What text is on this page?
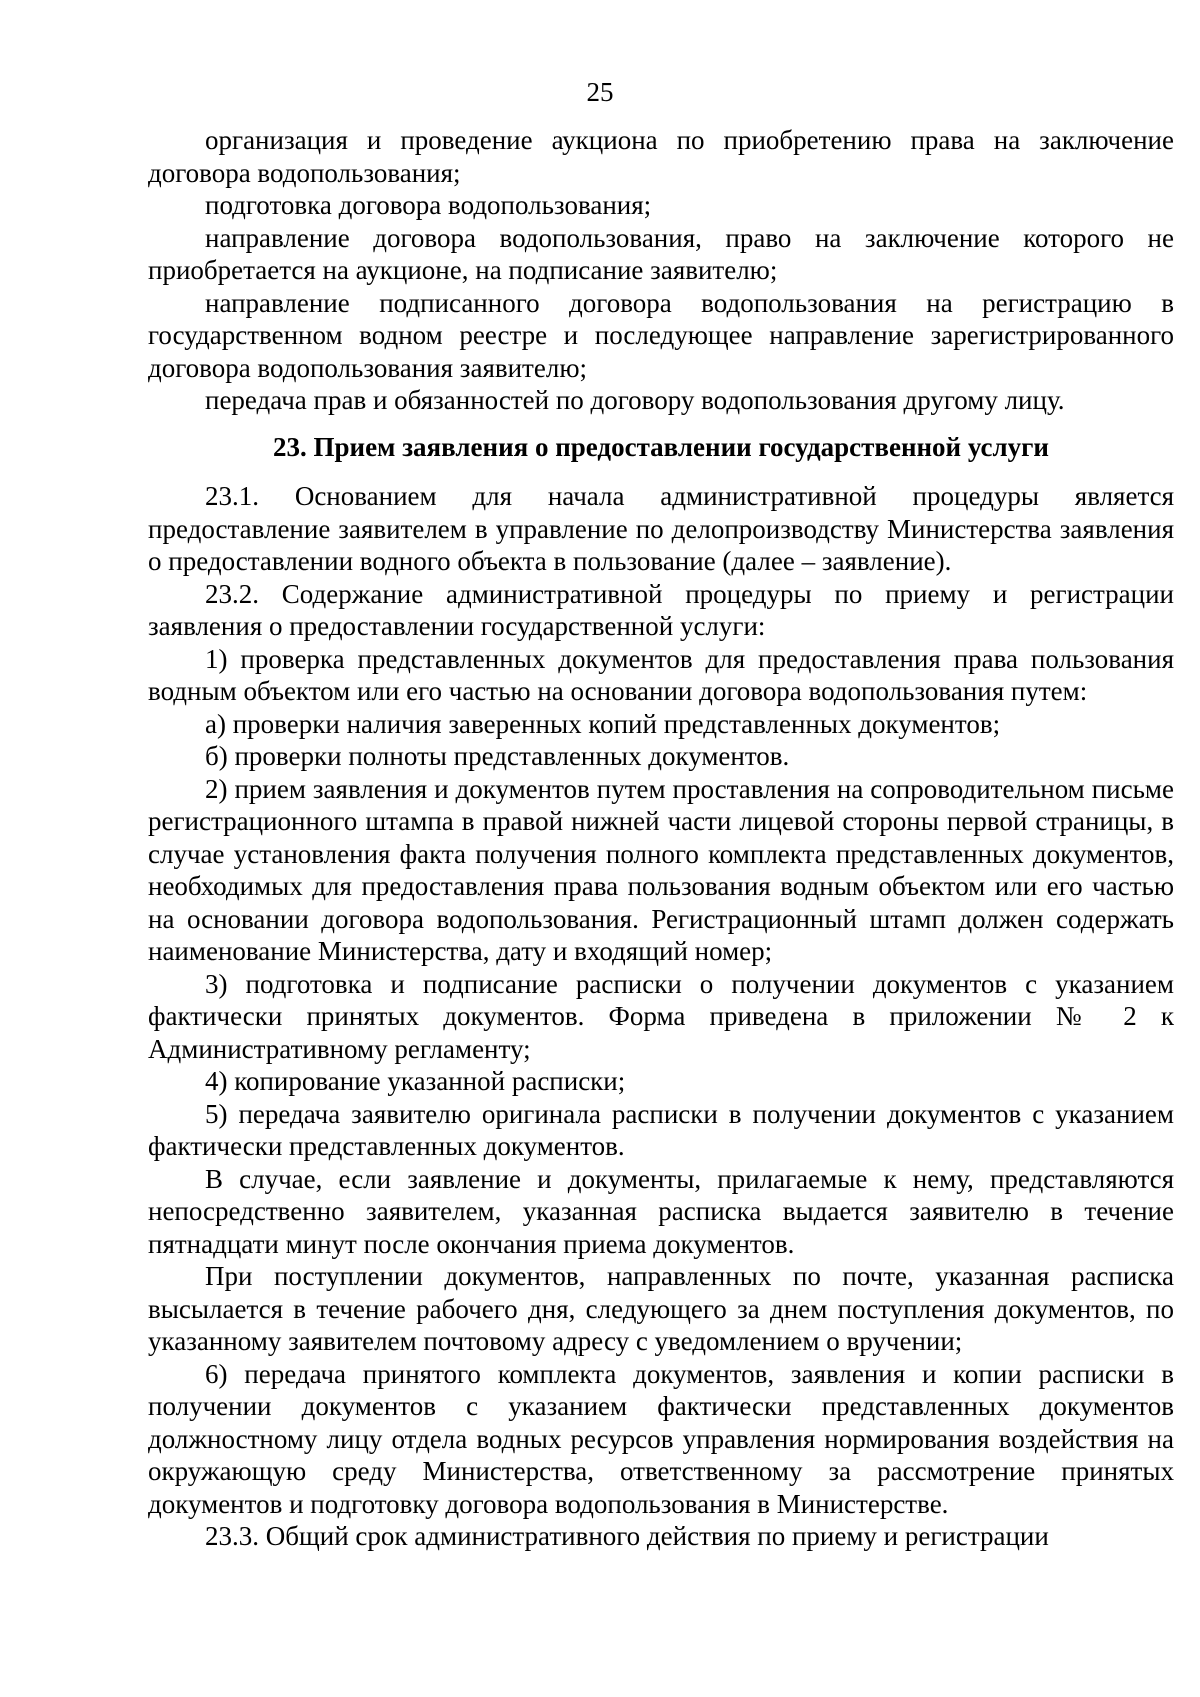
25

организация и проведение аукциона по приобретению права на заключение договора водопользования;

подготовка договора водопользования;

направление договора водопользования, право на заключение которого не приобретается на аукционе, на подписание заявителю;

направление подписанного договора водопользования на регистрацию в государственном водном реестре и последующее направление зарегистрированного договора водопользования заявителю;

передача прав и обязанностей по договору водопользования другому лицу.

23. Прием заявления о предоставлении государственной услуги

23.1. Основанием для начала административной процедуры является предоставление заявителем в управление по делопроизводству Министерства заявления о предоставлении водного объекта в пользование (далее – заявление).

23.2. Содержание административной процедуры по приему и регистрации заявления о предоставлении государственной услуги:

1) проверка представленных документов для предоставления права пользования водным объектом или его частью на основании договора водопользования путем:

а) проверки наличия заверенных копий представленных документов;

б) проверки полноты представленных документов.

2) прием заявления и документов путем проставления на сопроводительном письме регистрационного штампа в правой нижней части лицевой стороны первой страницы, в случае установления факта получения полного комплекта представленных документов, необходимых для предоставления права пользования водным объектом или его частью на основании договора водопользования. Регистрационный штамп должен содержать наименование Министерства, дату и входящий номер;

3) подготовка и подписание расписки о получении документов с указанием фактически принятых документов. Форма приведена в приложении № 2 к Административному регламенту;

4) копирование указанной расписки;

5) передача заявителю оригинала расписки в получении документов с указанием фактически представленных документов.

В случае, если заявление и документы, прилагаемые к нему, представляются непосредственно заявителем, указанная расписка выдается заявителю в течение пятнадцати минут после окончания приема документов.

При поступлении документов, направленных по почте, указанная расписка высылается в течение рабочего дня, следующего за днем поступления документов, по указанному заявителем почтовому адресу с уведомлением о вручении;

6) передача принятого комплекта документов, заявления и копии расписки в получении документов с указанием фактически представленных документов должностному лицу отдела водных ресурсов управления нормирования воздействия на окружающую среду Министерства, ответственному за рассмотрение принятых документов и подготовку договора водопользования в Министерстве.

23.3. Общий срок административного действия по приему и регистрации
